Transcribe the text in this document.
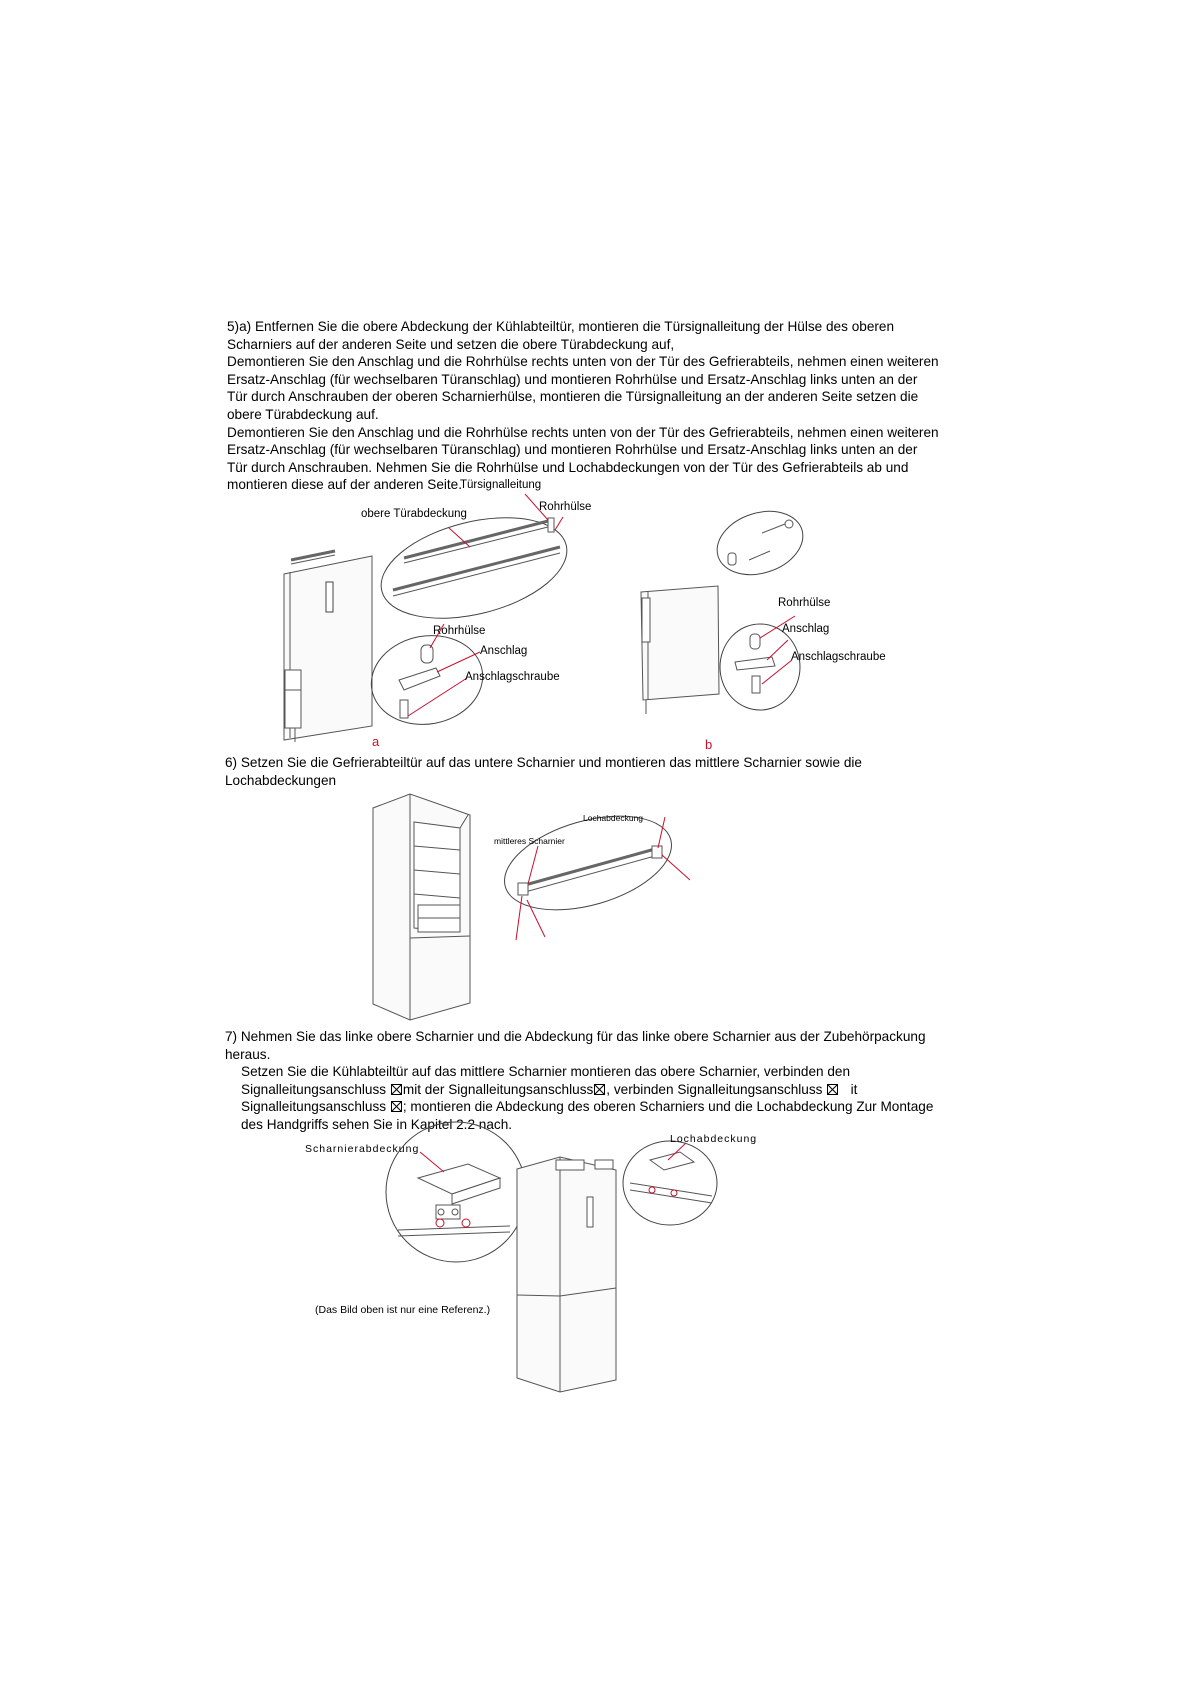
5)a) Entfernen Sie die obere Abdeckung der Kühlabteiltür, montieren die Türsignalleitung der Hülse des oberen
Scharniers auf der anderen Seite und setzen die obere Türabdeckung auf,
Demontieren Sie den Anschlag und die Rohrhülse rechts unten von der Tür des Gefrierabteils, nehmen einen weiteren
Ersatz-Anschlag (für wechselbaren Türanschlag) und montieren Rohrhülse und Ersatz-Anschlag links unten an der
Tür durch Anschrauben der oberen Scharnierhülse, montieren die Türsignalleitung an der anderen Seite setzen die
obere Türabdeckung auf.
Demontieren Sie den Anschlag und die Rohrhülse rechts unten von der Tür des Gefrierabteils, nehmen einen weiteren
Ersatz-Anschlag (für wechselbaren Türanschlag) und montieren Rohrhülse und Ersatz-Anschlag links unten an der
Tür durch Anschrauben. Nehmen Sie die Rohrhülse und Lochabdeckungen von der Tür des Gefrierabteils ab und
montieren diese auf der anderen Seite.
Türsignalleitung
Rohrhülse
obere Türabdeckung
Rohrhülse
Anschlag
Anschlagschraube
a
Rohrhülse
Anschlag
Anschlagschraube
b
6) Setzen Sie die Gefrierabteiltür auf das untere Scharnier und montieren das mittlere Scharnier sowie die
Lochabdeckungen
Lochabdeckung
mittleres Scharnier
7) Nehmen Sie das linke obere Scharnier und die Abdeckung für das linke obere Scharnier aus der Zubehörpackung
heraus.
Setzen Sie die Kühlabteiltür auf das mittlere Scharnier montieren das obere Scharnier, verbinden den
Signalleitungsanschluss mit der Signalleitungsanschluss , verbinden Signalleitungsanschluss it
Signalleitungsanschluss ; montieren die Abdeckung des oberen Scharniers und die Lochabdeckung Zur Montage
des Handgriffs sehen Sie in Kapitel 2.2 nach.
Scharnierabdeckung
Lochabdeckung
(Das Bild oben ist nur eine Referenz.)
